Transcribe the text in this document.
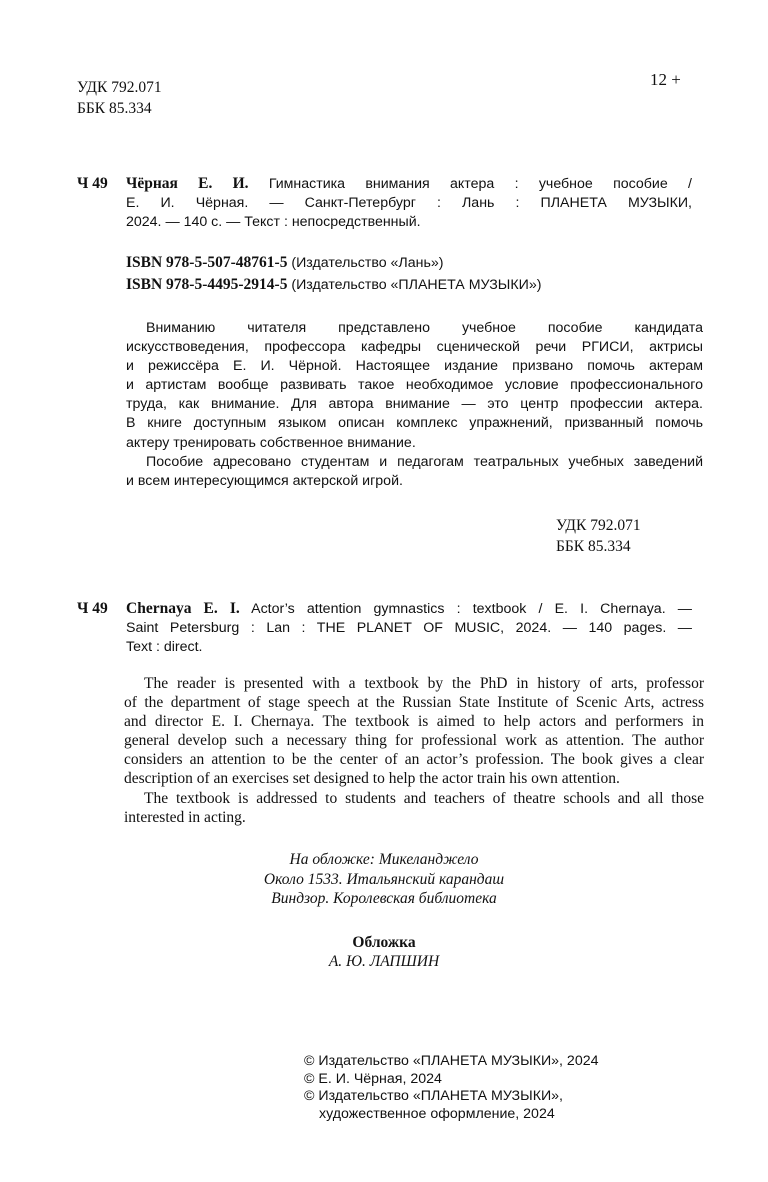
УДК 792.071
ББК 85.334
12 +
Ч 49 Чёрная Е. И. Гимнастика внимания актера : учебное пособие /
Е. И. Чёрная. — Санкт-Петербург : Лань : ПЛАНЕТА МУЗЫКИ,
2024. — 140 с. — Текст : непосредственный.
ISBN 978-5-507-48761-5 (Издательство «Лань»)
ISBN 978-5-4495-2914-5 (Издательство «ПЛАНЕТА МУЗЫКИ»)
Вниманию читателя представлено учебное пособие кандидата
искусствоведения, профессора кафедры сценической речи РГИСИ, актрисы
и режиссёра Е. И. Чёрной. Настоящее издание призвано помочь актерам
и артистам вообще развивать такое необходимое условие профессионального
труда, как внимание. Для автора внимание — это центр профессии актера.
В книге доступным языком описан комплекс упражнений, призванный помочь
актеру тренировать собственное внимание.
Пособие адресовано студентам и педагогам театральных учебных заведений
и всем интересующимся актерской игрой.
УДК 792.071
ББК 85.334
Ч 49 Chernaya E. I. Actor’s attention gymnastics : textbook / E. I. Chernaya. —
Saint Petersburg : Lan : THE PLANET OF MUSIC, 2024. — 140 pages. —
Text : direct.
The reader is presented with a textbook by the PhD in history of arts, professor
of the department of stage speech at the Russian State Institute of Scenic Arts, actress
and director E. I. Chernaya. The textbook is aimed to help actors and performers in
general develop such a necessary thing for professional work as attention. The author
considers an attention to be the center of an actor’s profession. The book gives a clear
description of an exercises set designed to help the actor train his own attention.
The textbook is addressed to students and teachers of theatre schools and all those
interested in acting.
На обложке: Микеланджело
Около 1533. Итальянский карандаш
Виндзор. Королевская библиотека
Обложка
А. Ю. ЛАПШИН
© Издательство «ПЛАНЕТА МУЗЫКИ», 2024
© Е. И. Чёрная, 2024
© Издательство «ПЛАНЕТА МУЗЫКИ»,
художественное оформление, 2024
